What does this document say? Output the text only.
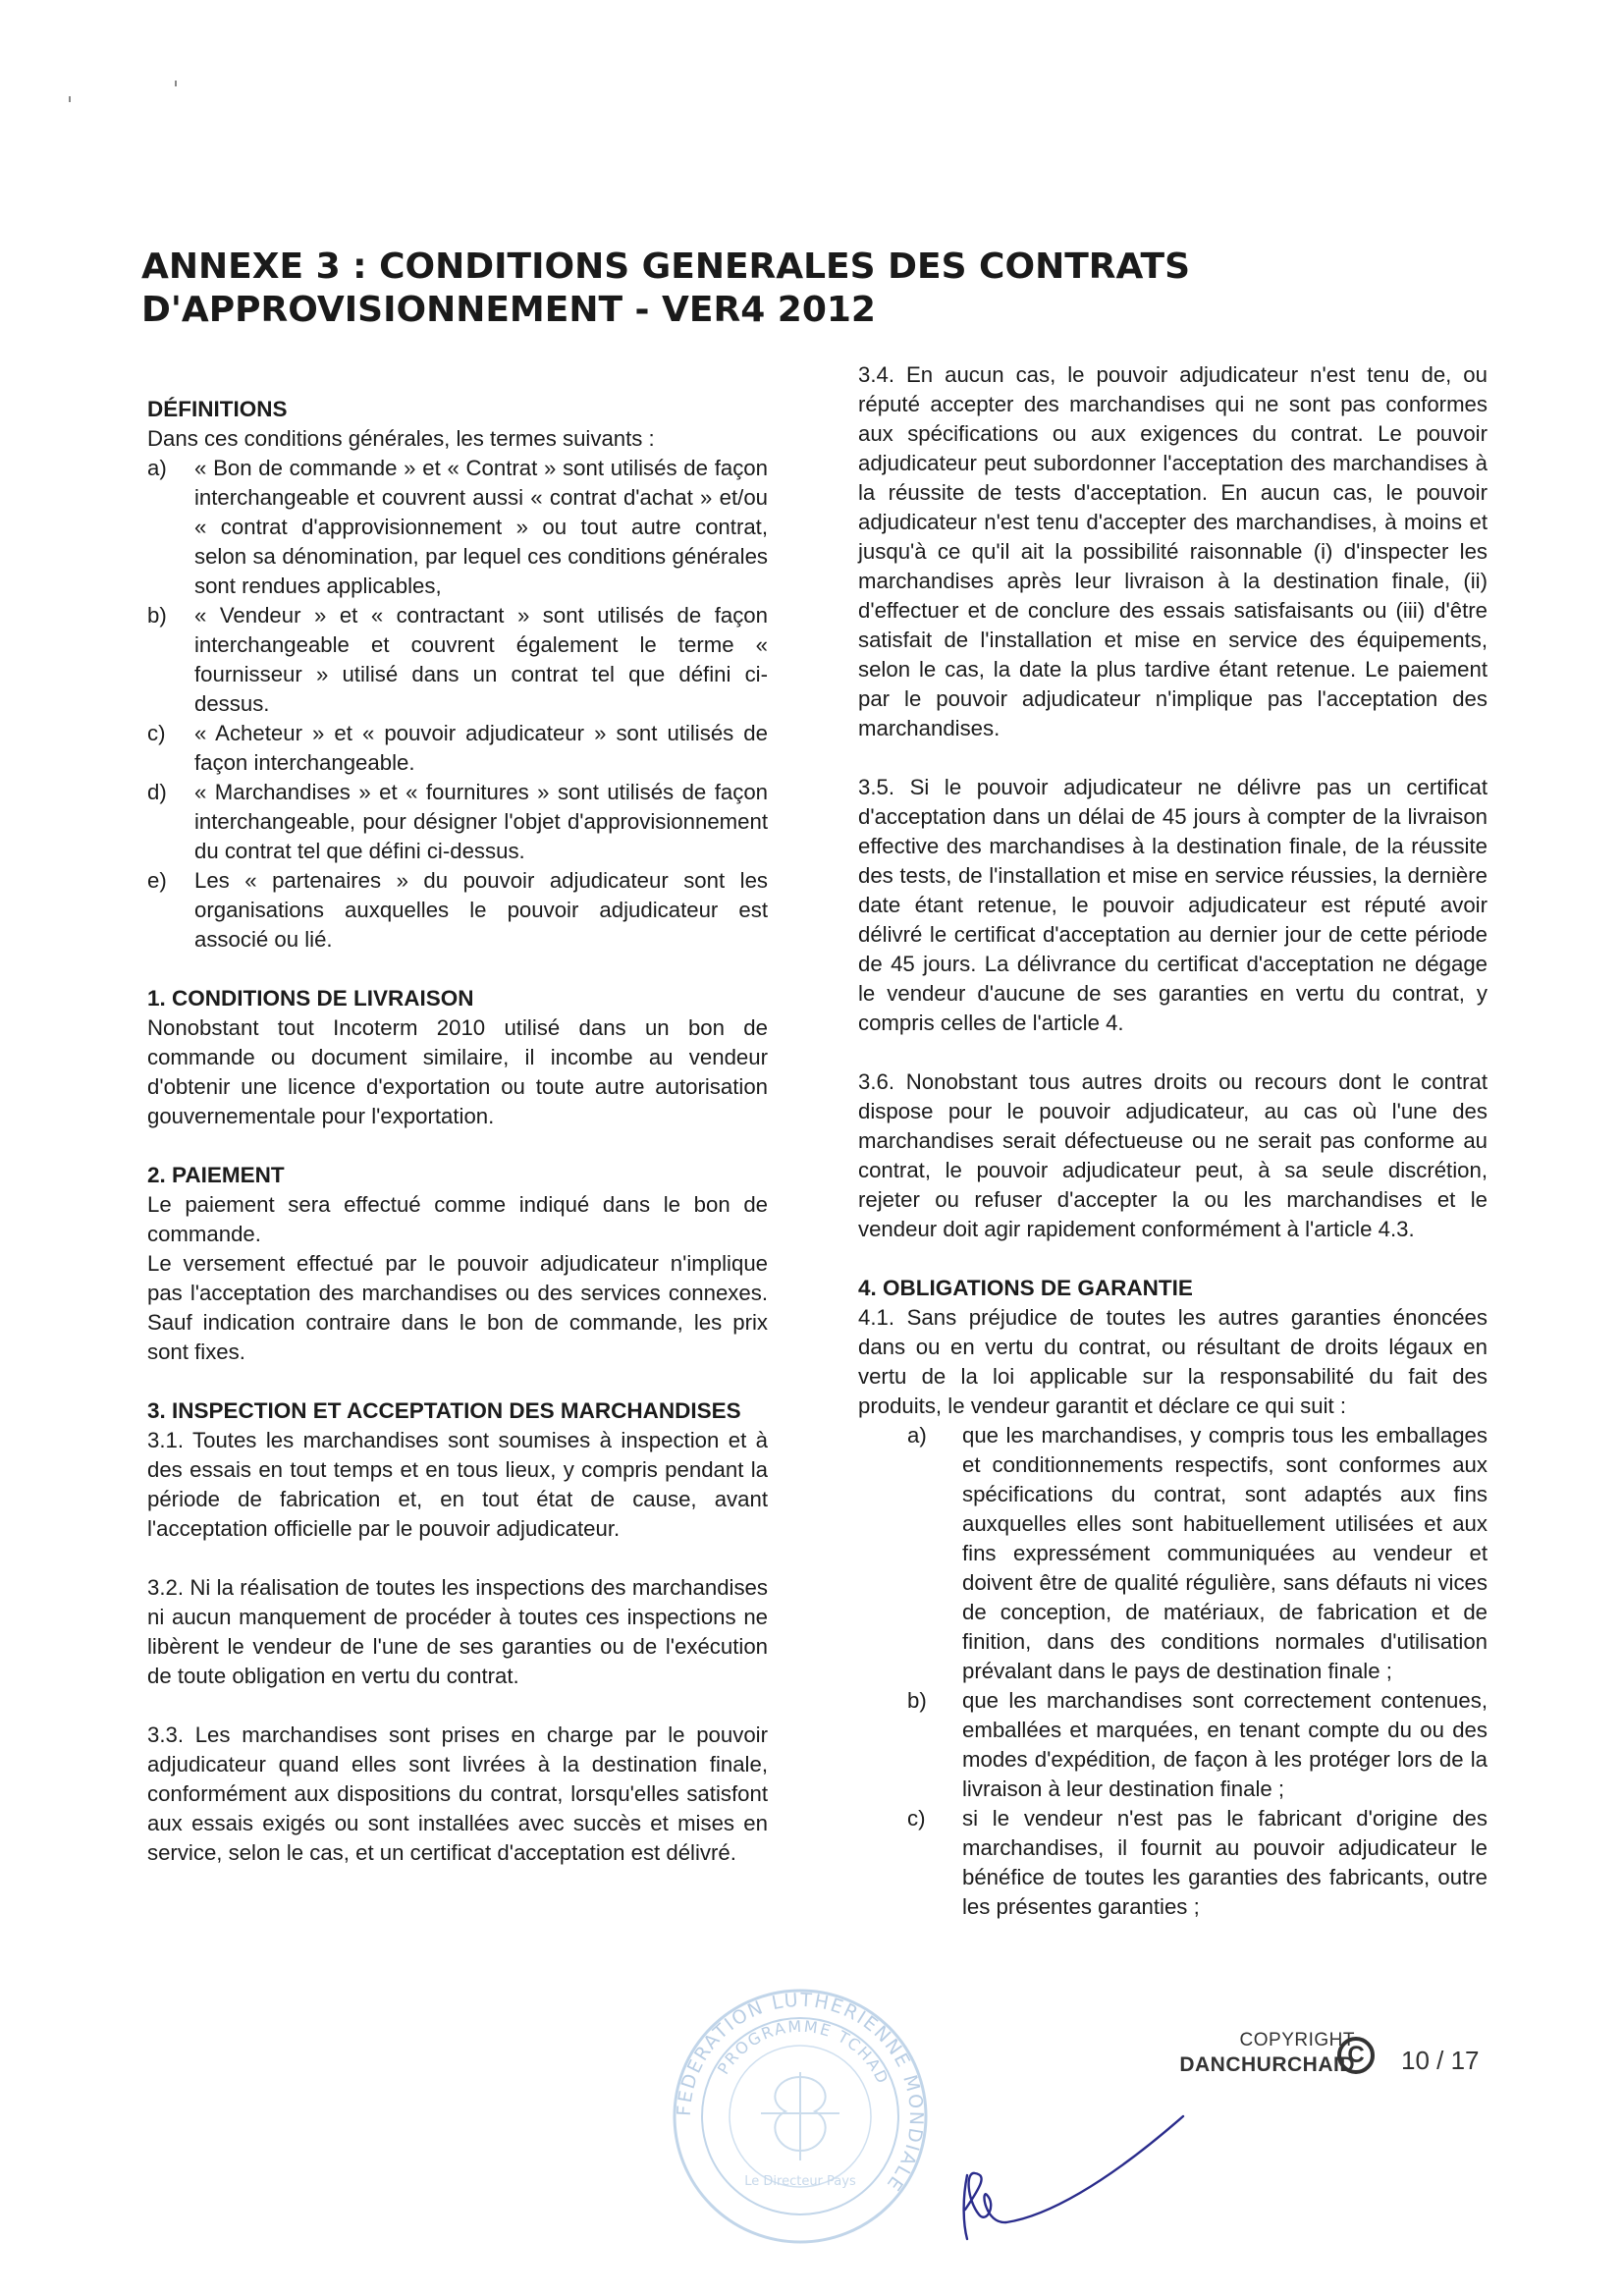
ANNEXE 3 : CONDITIONS GENERALES DES CONTRATS
D'APPROVISIONNEMENT - VER4 2012

DÉFINITIONS

Dans ces conditions générales, les termes suivants :

a)	« Bon de commande » et « Contrat » sont utilisés de façon interchangeable et couvrent aussi « contrat d'achat » et/ou « contrat d'approvisionnement » ou tout autre contrat, selon sa dénomination, par lequel ces conditions générales sont rendues applicables,
b)	« Vendeur » et « contractant » sont utilisés de façon interchangeable et couvrent également le terme « fournisseur » utilisé dans un contrat tel que défini ci-dessus.
c)	« Acheteur » et « pouvoir adjudicateur » sont utilisés de façon interchangeable.
d)	« Marchandises » et « fournitures » sont utilisés de façon interchangeable, pour désigner l'objet d'approvisionnement du contrat tel que défini ci-dessus.
e)	Les « partenaires » du pouvoir adjudicateur sont les organisations auxquelles le pouvoir adjudicateur est associé ou lié.

1. CONDITIONS DE LIVRAISON

Nonobstant tout Incoterm 2010 utilisé dans un bon de commande ou document similaire, il incombe au vendeur d'obtenir une licence d'exportation ou toute autre autorisation gouvernementale pour l'exportation.

2. PAIEMENT

Le paiement sera effectué comme indiqué dans le bon de commande.

Le versement effectué par le pouvoir adjudicateur n'implique pas l'acceptation des marchandises ou des services connexes. Sauf indication contraire dans le bon de commande, les prix sont fixes.

3. INSPECTION ET ACCEPTATION DES MARCHANDISES

3.1. Toutes les marchandises sont soumises à inspection et à des essais en tout temps et en tous lieux, y compris pendant la période de fabrication et, en tout état de cause, avant l'acceptation officielle par le pouvoir adjudicateur.

3.2. Ni la réalisation de toutes les inspections des marchandises ni aucun manquement de procéder à toutes ces inspections ne libèrent le vendeur de l'une de ses garanties ou de l'exécution de toute obligation en vertu du contrat.

3.3. Les marchandises sont prises en charge par le pouvoir adjudicateur quand elles sont livrées à la destination finale, conformément aux dispositions du contrat, lorsqu'elles satisfont aux essais exigés ou sont installées avec succès et mises en service, selon le cas, et un certificat d'acceptation est délivré.

3.4. En aucun cas, le pouvoir adjudicateur n'est tenu de, ou réputé accepter des marchandises qui ne sont pas conformes aux spécifications ou aux exigences du contrat. Le pouvoir adjudicateur peut subordonner l'acceptation des marchandises à la réussite de tests d'acceptation. En aucun cas, le pouvoir adjudicateur n'est tenu d'accepter des marchandises, à moins et jusqu'à ce qu'il ait la possibilité raisonnable (i) d'inspecter les marchandises après leur livraison à la destination finale, (ii) d'effectuer et de conclure des essais satisfaisants ou (iii) d'être satisfait de l'installation et mise en service des équipements, selon le cas, la date la plus tardive étant retenue. Le paiement par le pouvoir adjudicateur n'implique pas l'acceptation des marchandises.

3.5. Si le pouvoir adjudicateur ne délivre pas un certificat d'acceptation dans un délai de 45 jours à compter de la livraison effective des marchandises à la destination finale, de la réussite des tests, de l'installation et mise en service réussies, la dernière date étant retenue, le pouvoir adjudicateur est réputé avoir délivré le certificat d'acceptation au dernier jour de cette période de 45 jours. La délivrance du certificat d'acceptation ne dégage le vendeur d'aucune de ses garanties en vertu du contrat, y compris celles de l'article 4.

3.6. Nonobstant tous autres droits ou recours dont le contrat dispose pour le pouvoir adjudicateur, au cas où l'une des marchandises serait défectueuse ou ne serait pas conforme au contrat, le pouvoir adjudicateur peut, à sa seule discrétion, rejeter ou refuser d'accepter la ou les marchandises et le vendeur doit agir rapidement conformément à l'article 4.3.

4. OBLIGATIONS DE GARANTIE

4.1. Sans préjudice de toutes les autres garanties énoncées dans ou en vertu du contrat, ou résultant de droits légaux en vertu de la loi applicable sur la responsabilité du fait des produits, le vendeur garantit et déclare ce qui suit :

a)	que les marchandises, y compris tous les emballages et conditionnements respectifs, sont conformes aux spécifications du contrat, sont adaptés aux fins auxquelles elles sont habituellement utilisées et aux fins expressément communiquées au vendeur et doivent être de qualité régulière, sans défauts ni vices de conception, de matériaux, de fabrication et de finition, dans des conditions normales d'utilisation prévalant dans le pays de destination finale ;
b)	que les marchandises sont correctement contenues, emballées et marquées, en tenant compte du ou des modes d'expédition, de façon à les protéger lors de la livraison à leur destination finale ;
c)	si le vendeur n'est pas le fabricant d'origine des marchandises, il fournit au pouvoir adjudicateur le bénéfice de toutes les garanties des fabricants, outre les présentes garanties ;
FEDERATION LUTHERIENNE MONDIALE
PROGRAMME TCHAD
Le Directeur Pays
COPYRIGHT
DANCHURCHAID
C	10 / 17
